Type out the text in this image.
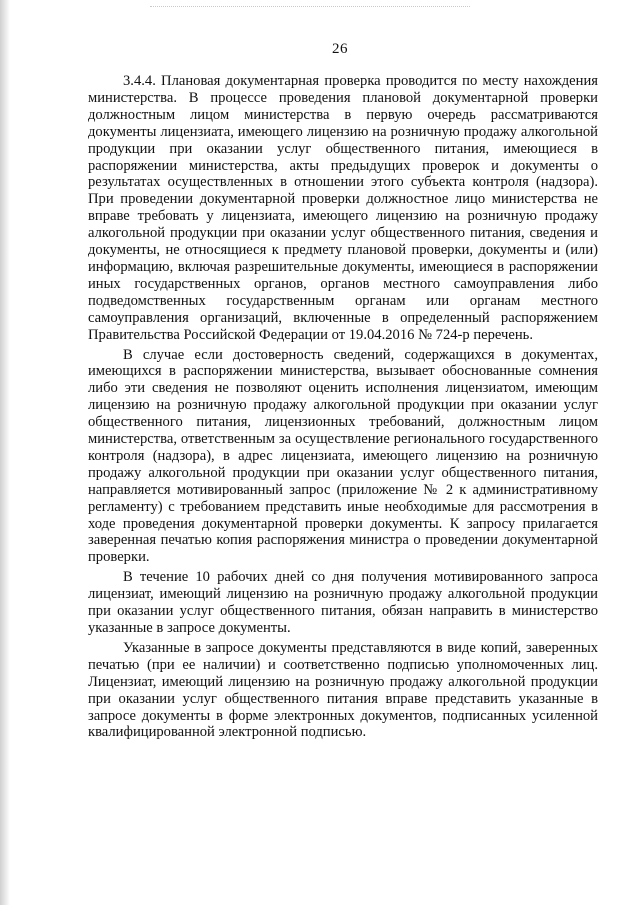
26

3.4.4. Плановая документарная проверка проводится по месту нахождения министерства. В процессе проведения плановой документарной проверки должностным лицом министерства в первую очередь рассматриваются документы лицензиата, имеющего лицензию на розничную продажу алкогольной продукции при оказании услуг общественного питания, имеющиеся в распоряжении министерства, акты предыдущих проверок и документы о результатах осуществленных в отношении этого субъекта контроля (надзора). При проведении документарной проверки должностное лицо министерства не вправе требовать у лицензиата, имеющего лицензию на розничную продажу алкогольной продукции при оказании услуг общественного питания, сведения и документы, не относящиеся к предмету плановой проверки, документы и (или) информацию, включая разрешительные документы, имеющиеся в распоряжении иных государственных органов, органов местного самоуправления либо подведомственных государственным органам или органам местного самоуправления организаций, включенные в определенный распоряжением Правительства Российской Федерации от 19.04.2016 № 724-р перечень.

В случае если достоверность сведений, содержащихся в документах, имеющихся в распоряжении министерства, вызывает обоснованные сомнения либо эти сведения не позволяют оценить исполнения лицензиатом, имеющим лицензию на розничную продажу алкогольной продукции при оказании услуг общественного питания, лицензионных требований, должностным лицом министерства, ответственным за осуществление регионального государственного контроля (надзора), в адрес лицензиата, имеющего лицензию на розничную продажу алкогольной продукции при оказании услуг общественного питания, направляется мотивированный запрос (приложение № 2 к административному регламенту) с требованием представить иные необходимые для рассмотрения в ходе проведения документарной проверки документы. К запросу прилагается заверенная печатью копия распоряжения министра о проведении документарной проверки.

В течение 10 рабочих дней со дня получения мотивированного запроса лицензиат, имеющий лицензию на розничную продажу алкогольной продукции при оказании услуг общественного питания, обязан направить в министерство указанные в запросе документы.

Указанные в запросе документы представляются в виде копий, заверенных печатью (при ее наличии) и соответственно подписью уполномоченных лиц. Лицензиат, имеющий лицензию на розничную продажу алкогольной продукции при оказании услуг общественного питания вправе представить указанные в запросе документы в форме электронных документов, подписанных усиленной квалифицированной электронной подписью.
